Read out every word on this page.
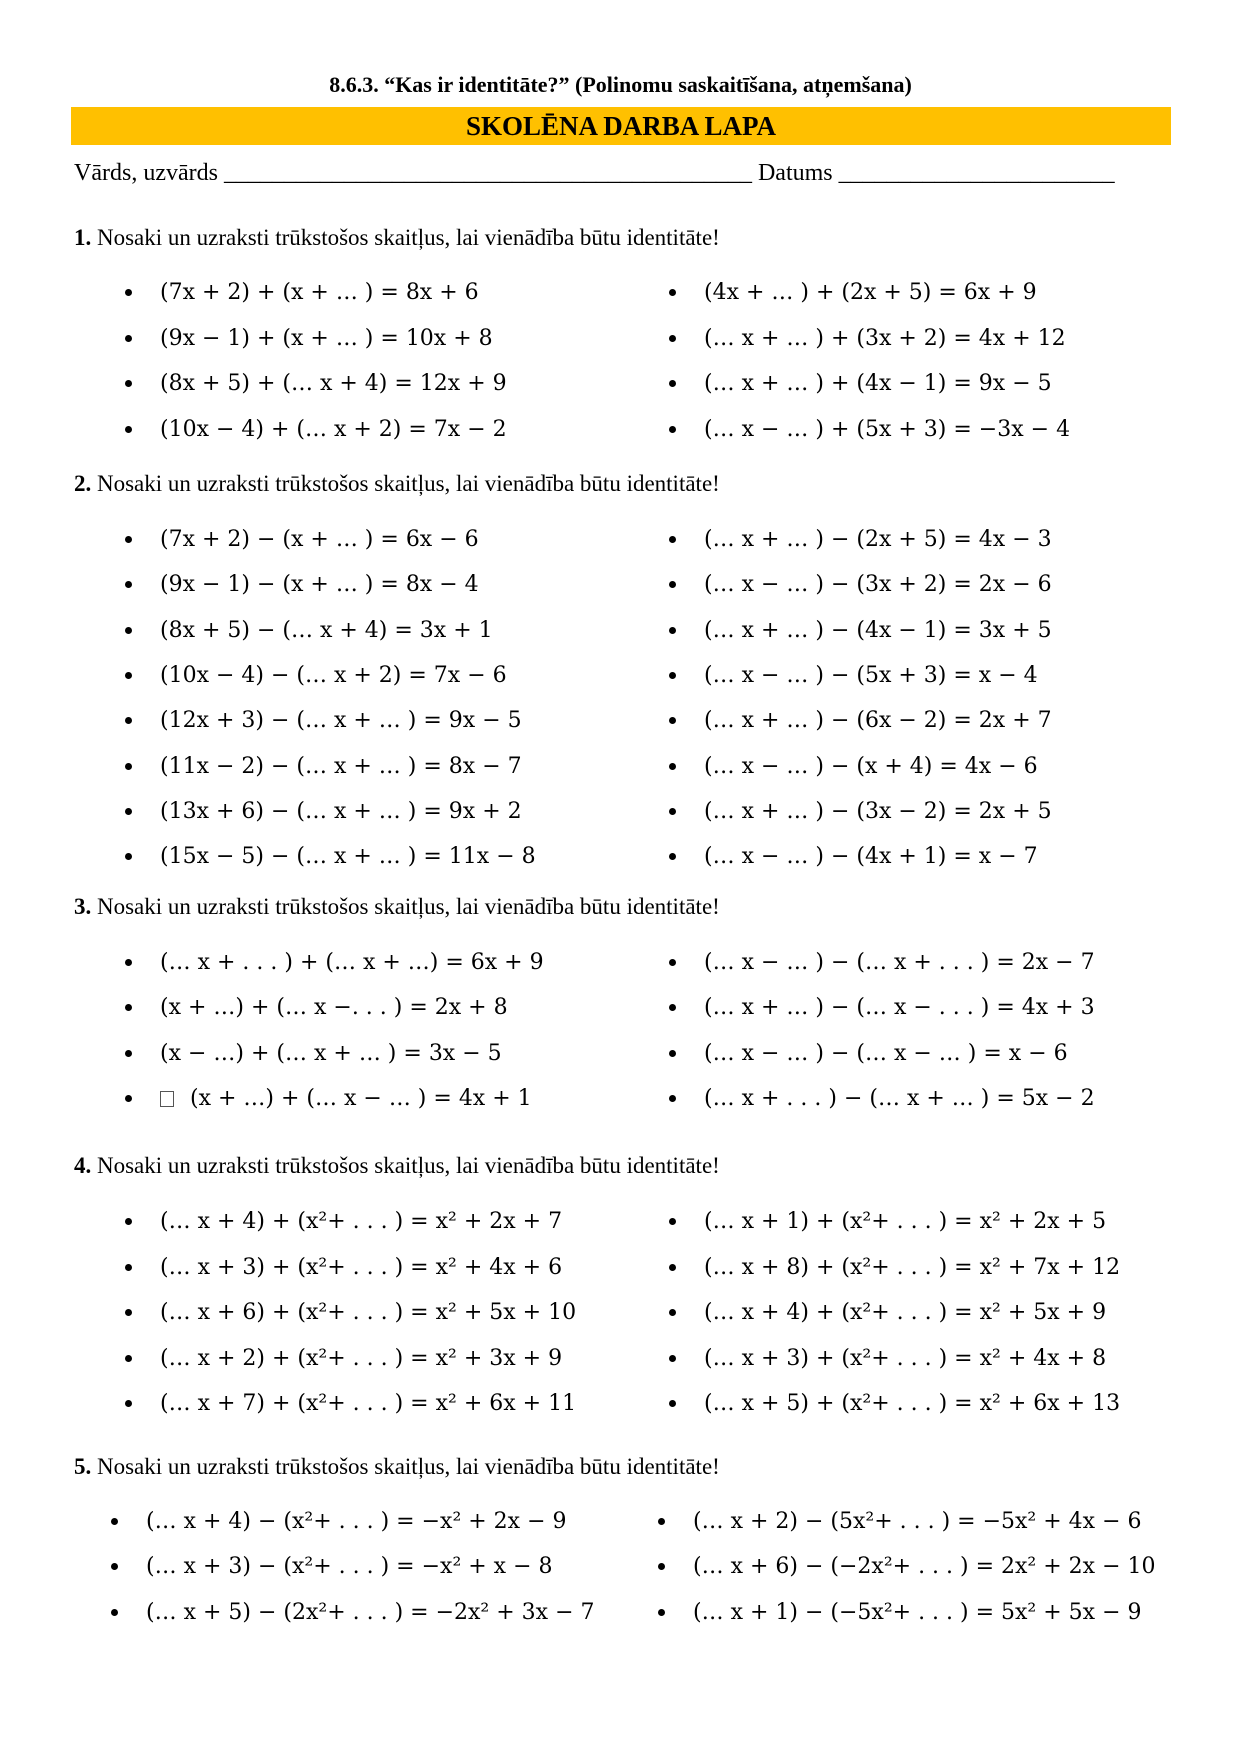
8.6.3. “Kas ir identitāte?” (Polinomu saskaitīšana, atņemšana)
SKOLĒNA DARBA LAPA
Vārds, uzvārds ____________________________________________ Datums _______________________
1. Nosaki un uzraksti trūkstošos skaitļus, lai vienādība būtu identitāte!
(7x + 2) + (x + … ) = 8x + 6
(9x − 1) + (x + … ) = 10x + 8
(8x + 5) + (… x + 4) = 12x + 9
(10x − 4) + (… x + 2) = 7x − 2
(4x + … ) + (2x + 5) = 6x + 9
(… x + … ) + (3x + 2) = 4x + 12
(… x + … ) + (4x − 1) = 9x − 5
(… x − … ) + (5x + 3) = −3x − 4
2. Nosaki un uzraksti trūkstošos skaitļus, lai vienādība būtu identitāte!
(7x + 2) − (x + … ) = 6x − 6
(9x − 1) − (x + … ) = 8x − 4
(8x + 5) − (… x + 4) = 3x + 1
(10x − 4) − (… x + 2) = 7x − 6
(12x + 3) − (… x + … ) = 9x − 5
(11x − 2) − (… x + … ) = 8x − 7
(13x + 6) − (… x + … ) = 9x + 2
(15x − 5) − (… x + … ) = 11x − 8
(… x + … ) − (2x + 5) = 4x − 3
(… x − … ) − (3x + 2) = 2x − 6
(… x + … ) − (4x − 1) = 3x + 5
(… x − … ) − (5x + 3) = x − 4
(… x + … ) − (6x − 2) = 2x + 7
(… x − … ) − (x + 4) = 4x − 6
(… x + … ) − (3x − 2) = 2x + 5
(… x − … ) − (4x + 1) = x − 7
3. Nosaki un uzraksti trūkstošos skaitļus, lai vienādība būtu identitāte!
(… x + . . . ) + (… x + …) = 6x + 9
(x + …) + (… x −. . . ) = 2x + 8
(x − …) + (… x + … ) = 3x − 5
(x + …) + (… x − … ) = 4x + 1
(… x − … ) − (… x + . . . ) = 2x − 7
(… x + … ) − (… x − . . . ) = 4x + 3
(… x − … ) − (… x − … ) = x − 6
(… x + . . . ) − (… x + … ) = 5x − 2
4. Nosaki un uzraksti trūkstošos skaitļus, lai vienādība būtu identitāte!
(… x + 4) + (x²+ . . . ) = x² + 2x + 7
(… x + 3) + (x²+ . . . ) = x² + 4x + 6
(… x + 6) + (x²+ . . . ) = x² + 5x + 10
(… x + 2) + (x²+ . . . ) = x² + 3x + 9
(… x + 7) + (x²+ . . . ) = x² + 6x + 11
(… x + 1) + (x²+ . . . ) = x² + 2x + 5
(… x + 8) + (x²+ . . . ) = x² + 7x + 12
(… x + 4) + (x²+ . . . ) = x² + 5x + 9
(… x + 3) + (x²+ . . . ) = x² + 4x + 8
(… x + 5) + (x²+ . . . ) = x² + 6x + 13
5. Nosaki un uzraksti trūkstošos skaitļus, lai vienādība būtu identitāte!
(… x + 4) − (x²+ . . . ) = −x² + 2x − 9
(… x + 3) − (x²+ . . . ) = −x² + x − 8
(… x + 5) − (2x²+ . . . ) = −2x² + 3x − 7
(… x + 2) − (5x²+ . . . ) = −5x² + 4x − 6
(… x + 6) − (−2x²+ . . . ) = 2x² + 2x − 10
(… x + 1) − (−5x²+ . . . ) = 5x² + 5x − 9
